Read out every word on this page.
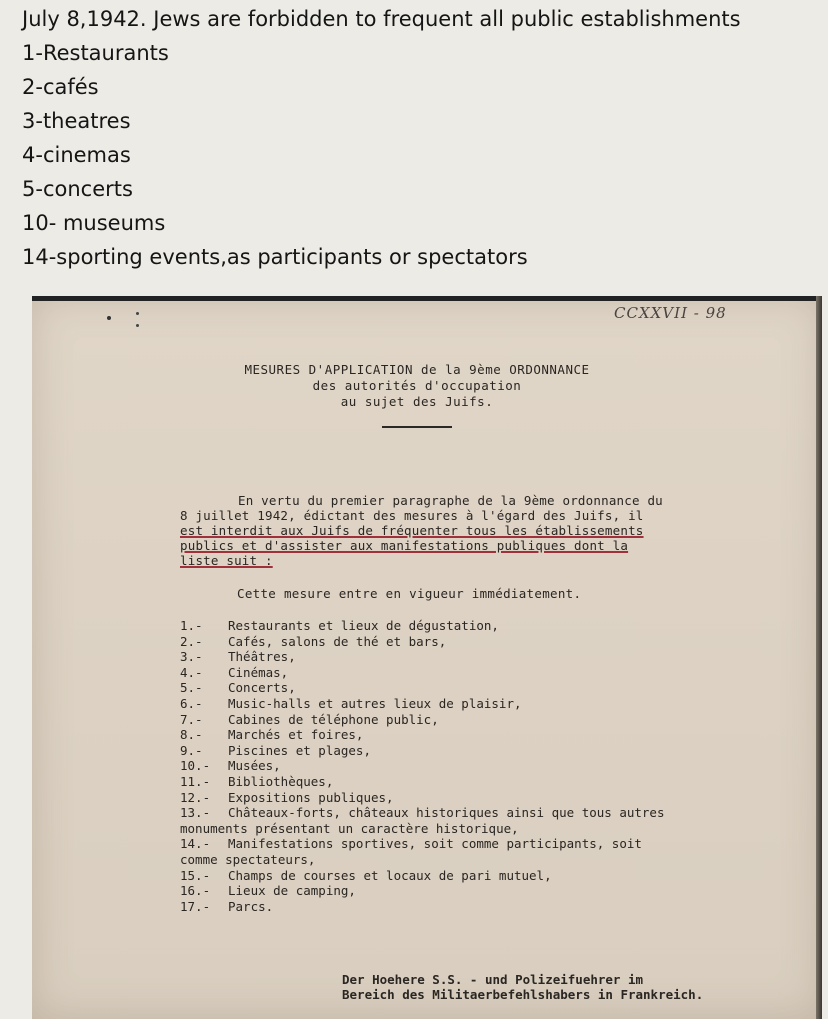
July 8,1942. Jews are forbidden to frequent all public establishments
1-Restaurants
2-cafés
3-theatres
4-cinemas
5-concerts
10- museums
14-sporting events,as participants or spectators
CCXXVII - 98
MESURES D'APPLICATION de la 9ème ORDONNANCE
des autorités d'occupation
au sujet des Juifs.
En vertu du premier paragraphe de la 9ème ordonnance du
8 juillet 1942, édictant des mesures à l'égard des Juifs, il
est interdit aux Juifs de fréquenter tous les établissements
publics et d'assister aux manifestations publiques dont la
liste suit :
Cette mesure entre en vigueur immédiatement.
1.-	Restaurants et lieux de dégustation,
2.-	Cafés, salons de thé et bars,
3.-	Théâtres,
4.-	Cinémas,
5.-	Concerts,
6.-	Music-halls et autres lieux de plaisir,
7.-	Cabines de téléphone public,
8.-	Marchés et foires,
9.-	Piscines et plages,
10.-	Musées,
11.-	Bibliothèques,
12.-	Expositions publiques,
13.-	Châteaux-forts, châteaux historiques ainsi que tous autres
monuments présentant un caractère historique,
14.-	Manifestations sportives, soit comme participants, soit
comme spectateurs,
15.-	Champs de courses et locaux de pari mutuel,
16.-	Lieux de camping,
17.-	Parcs.
Der Hoehere S.S. - und Polizeifuehrer im
Bereich des Militaerbefehlshabers in Frankreich.
